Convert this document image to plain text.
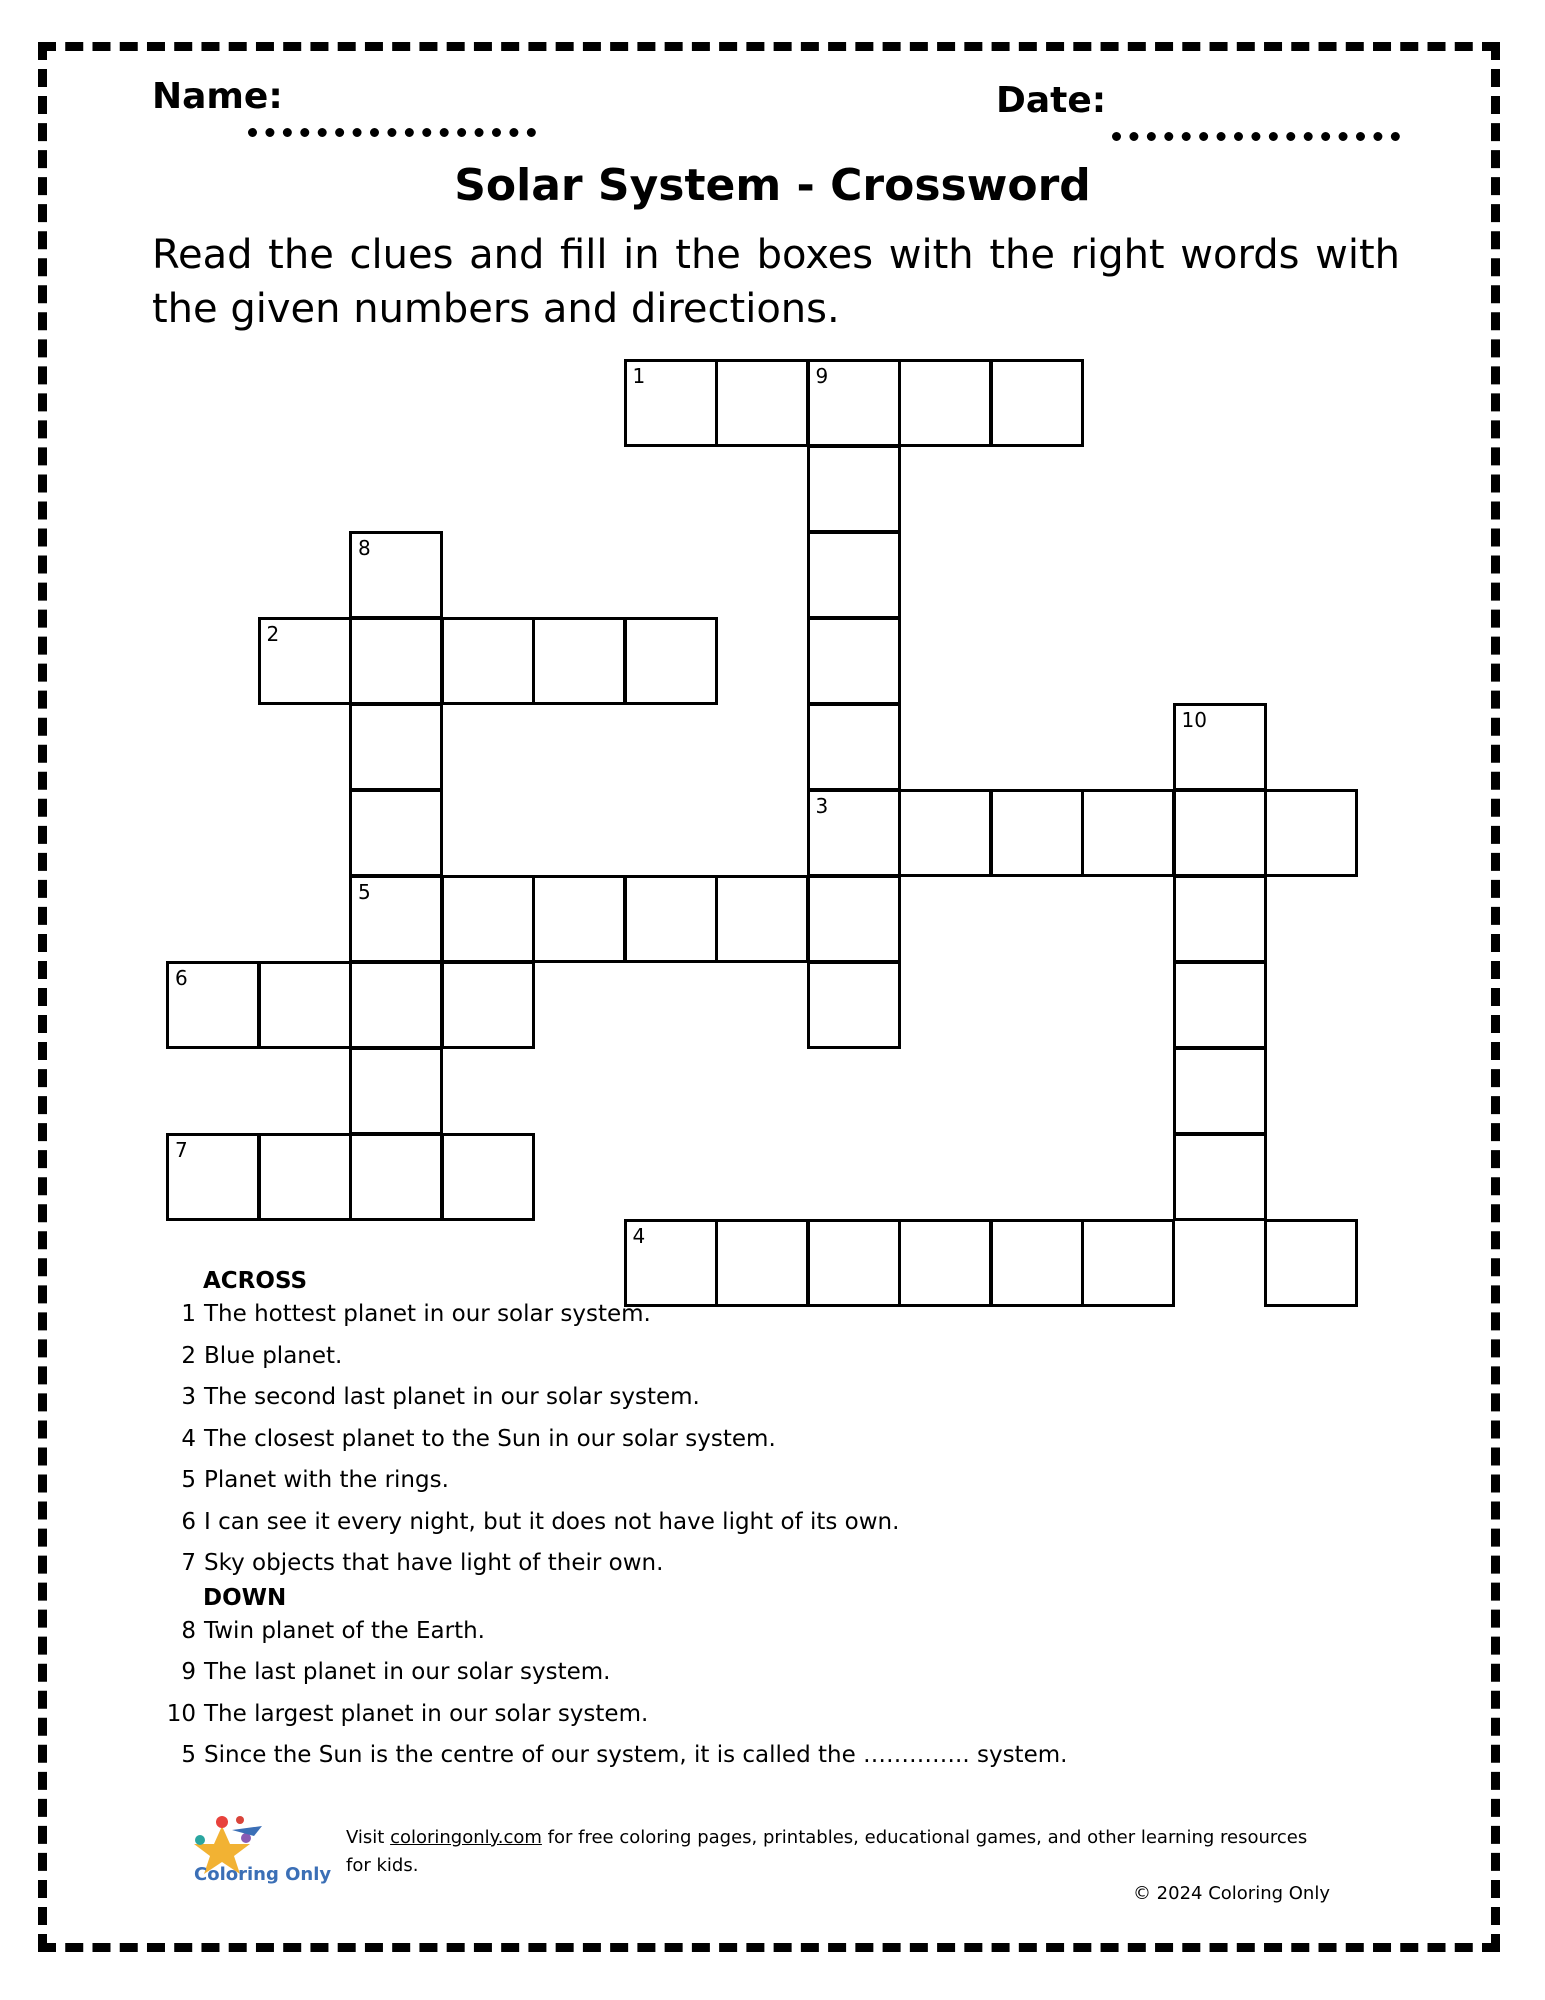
Name:	Date:
Solar System - Crossword
Read the clues and fill in the boxes with the right words with the given numbers and directions.
1	9
3
8
5
2
10
6
7
4
ACROSS
1 The hottest planet in our solar system.
2 Blue planet.
3 The second last planet in our solar system.
4 The closest planet to the Sun in our solar system.
5 Planet with the rings.
6 I can see it every night, but it does not have light of its own.
7 Sky objects that have light of their own.
DOWN
8 Twin planet of the Earth.
9 The last planet in our solar system.
10 The largest planet in our solar system.
5 Since the Sun is the centre of our system, it is called the ………….. system.
Coloring Only
Visit coloringonly.com for free coloring pages, printables, educational games, and other learning resources for kids.
© 2024 Coloring Only
